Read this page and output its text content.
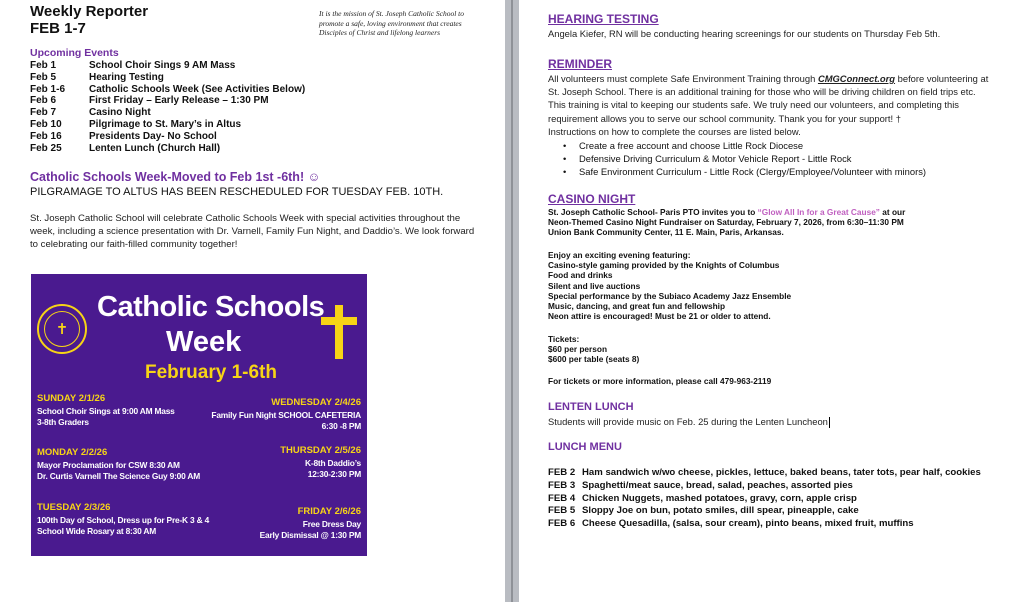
Weekly Reporter
FEB 1-7
It is the mission of St. Joseph Catholic School to
promote a safe, loving environment that creates
Disciples of Christ and lifelong learners
Upcoming Events
Feb 1	School Choir Sings 9 AM Mass
Feb 5	Hearing Testing
Feb 1-6	Catholic Schools Week (See Activities Below)
Feb 6	First Friday – Early Release – 1:30 PM
Feb 7	Casino Night
Feb 10	Pilgrimage to St. Mary’s in Altus
Feb 16	Presidents Day- No School
Feb 25	Lenten Lunch (Church Hall)
Catholic Schools Week-Moved to Feb 1st -6th! ☺
PILGRAMAGE TO ALTUS HAS BEEN RESCHEDULED FOR TUESDAY FEB. 10TH.
St. Joseph Catholic School will celebrate Catholic Schools Week with special activities throughout the
week, including a science presentation with Dr. Varnell, Family Fun Night, and Daddio’s. We look forward
to celebrating our faith-filled community together!
✝
Catholic Schools
Week
February 1-6th
SUNDAY 2/1/26
School Choir Sings at 9:00 AM Mass
3-8th Graders
WEDNESDAY 2/4/26
Family Fun Night SCHOOL CAFETERIA
6:30 -8 PM
MONDAY 2/2/26
Mayor Proclamation for CSW 8:30 AM
Dr. Curtis Varnell The Science Guy 9:00 AM
THURSDAY 2/5/26
K-8th Daddio’s
12:30-2:30 PM
TUESDAY 2/3/26
100th Day of School, Dress up for Pre-K 3 & 4
School Wide Rosary at 8:30 AM
FRIDAY 2/6/26
Free Dress Day
Early Dismissal @ 1:30 PM
HEARING TESTING
Angela Kiefer, RN will be conducting hearing screenings for our students on Thursday Feb 5th.
REMINDER
All volunteers must complete Safe Environment Training through CMGConnect.org before volunteering at
St. Joseph School. There is an additional training for those who will be driving children on field trips etc.
This training is vital to keeping our students safe. We truly need our volunteers, and completing this
requirement allows you to serve our school community. Thank you for your support! †
Instructions on how to complete the courses are listed below.
• Create a free account and choose Little Rock Diocese
• Defensive Driving Curriculum & Motor Vehicle Report - Little Rock
• Safe Environment Curriculum - Little Rock (Clergy/Employee/Volunteer with minors)
CASINO NIGHT
St. Joseph Catholic School- Paris PTO invites you to “Glow All In for a Great Cause” at our
Neon-Themed Casino Night Fundraiser on Saturday, February 7, 2026, from 6:30–11:30 PM
Union Bank Community Center, 11 E. Main, Paris, Arkansas.
Enjoy an exciting evening featuring:
Casino-style gaming provided by the Knights of Columbus
Food and drinks
Silent and live auctions
Special performance by the Subiaco Academy Jazz Ensemble
Music, dancing, and great fun and fellowship
Neon attire is encouraged! Must be 21 or older to attend.
Tickets:
$60 per person
$600 per table (seats 8)
For tickets or more information, please call 479-963-2119
LENTEN LUNCH
Students will provide music on Feb. 25 during the Lenten Luncheon
LUNCH MENU
FEB 2 Ham sandwich w/wo cheese, pickles, lettuce, baked beans, tater tots, pear half, cookies
FEB 3 Spaghetti/meat sauce, bread, salad, peaches, assorted pies
FEB 4 Chicken Nuggets, mashed potatoes, gravy, corn, apple crisp
FEB 5 Sloppy Joe on bun, potato smiles, dill spear, pineapple, cake
FEB 6 Cheese Quesadilla, (salsa, sour cream), pinto beans, mixed fruit, muffins
